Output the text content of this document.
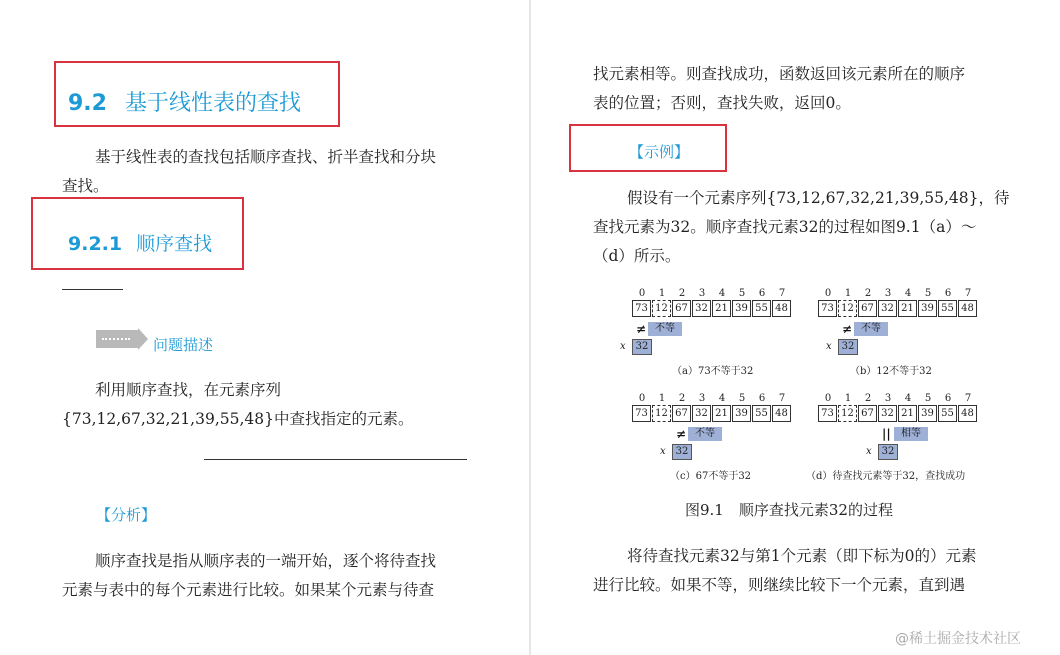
9.2 基于线性表的查找
基于线性表的查找包括顺序查找、折半查找和分块
查找。
9.2.1 顺序查找
问题描述
利用顺序查找，在元素序列
{73,12,67,32,21,39,55,48}中查找指定的元素。
【分析】
顺序查找是指从顺序表的一端开始，逐个将待查找
元素与表中的每个元素进行比较。如果某个元素与待查
找元素相等。则查找成功，函数返回该元素所在的顺序
表的位置；否则，查找失败，返回0。
【示例】
假设有一个元素序列{73,12,67,32,21,39,55,48}，待
查找元素为32。顺序查找元素32的过程如图9.1（a）～
（d）所示。
0	1	2	3	4	5	6	7
73 12 67 32 21 39 55 48
≠ 不等
x 32
（a）73不等于32
0	1	2	3	4	5	6	7
73 12 67 32 21 39 55 48
≠ 不等
x 32
（b）12不等于32
0	1	2	3	4	5	6	7
73 12 67 32 21 39 55 48
≠ 不等
x 32
（c）67不等于32
0	1	2	3	4	5	6	7
73 12 67 32 21 39 55 48
||	相等
x 32
（d）待查找元素等于32，查找成功
图9.1　顺序查找元素32的过程
将待查找元素32与第1个元素（即下标为0的）元素
进行比较。如果不等，则继续比较下一个元素，直到遇
@稀土掘金技术社区
